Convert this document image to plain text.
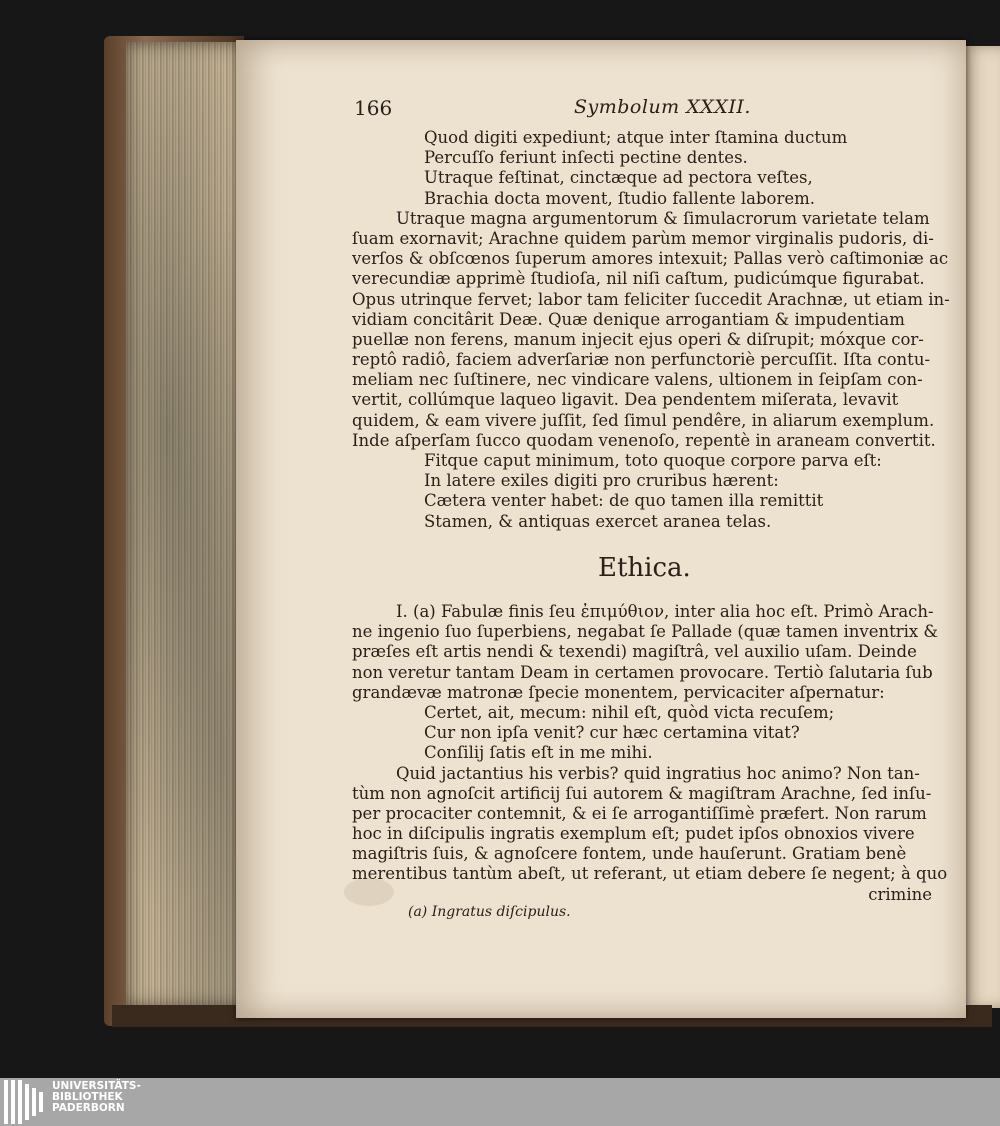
166	Symbolum XXXII.
Quod digiti expediunt; atque inter ſtamina ductum
Percuſſo feriunt inſecti pectine dentes.
Utraque feſtinat, cinctæque ad pectora veſtes,
Brachia docta movent, ſtudio fallente laborem.
Utraque magna argumentorum & ſimulacrorum varietate telam
ſuam exornavit; Arachne quidem parùm memor virginalis pudoris, di-
verſos & obſcœnos ſuperum amores intexuit; Pallas verò caſtimoniæ ac
verecundiæ apprimè ſtudioſa, nil niſi caſtum, pudicúmque figurabat.
Opus utrinque fervet; labor tam feliciter ſuccedit Arachnæ, ut etiam in-
vidiam concitârit Deæ. Quæ denique arrogantiam & impudentiam
puellæ non ferens, manum injecit ejus operi & diſrupit; móxque cor-
reptô radiô, faciem adverſariæ non perfunctoriè percuſſit. Iſta contu-
meliam nec ſuſtinere, nec vindicare valens, ultionem in ſeipſam con-
vertit, collúmque laqueo ligavit. Dea pendentem miſerata, levavit
quidem, & eam vivere juſſit, ſed ſimul pendêre, in aliarum exemplum.
Inde aſperſam ſucco quodam venenoſo, repentè in araneam convertit.
Fitque caput minimum, toto quoque corpore parva eſt:
In latere exiles digiti pro cruribus hærent:
Cætera venter habet: de quo tamen illa remittit
Stamen, & antiquas exercet aranea telas.
Ethica.
I. (a) Fabulæ finis ſeu ἐπιμύθιον, inter alia hoc eſt. Primò Arach-
ne ingenio ſuo ſuperbiens, negabat ſe Pallade (quæ tamen inventrix &
præſes eſt artis nendi & texendi) magiſtrâ, vel auxilio uſam. Deinde
non veretur tantam Deam in certamen provocare. Tertiò ſalutaria ſub
grandævæ matronæ ſpecie monentem, pervicaciter aſpernatur:
Certet, ait, mecum: nihil eſt, quòd victa recuſem;
Cur non ipſa venit? cur hæc certamina vitat?
Conſilij ſatis eſt in me mihi.
Quid jactantius his verbis? quid ingratius hoc animo? Non tan-
tùm non agnoſcit artificij ſui autorem & magiſtram Arachne, ſed inſu-
per procaciter contemnit, & ei ſe arrogantiſſimè præfert. Non rarum
hoc in diſcipulis ingratis exemplum eſt; pudet ipſos obnoxios vivere
magiſtris ſuis, & agnoſcere fontem, unde hauſerunt. Gratiam benè
merentibus tantùm abeſt, ut referant, ut etiam debere ſe negent; à quo
crimine
(a) Ingratus diſcipulus.
UNIVERSITÄTS-
BIBLIOTHEK
PADERBORN
